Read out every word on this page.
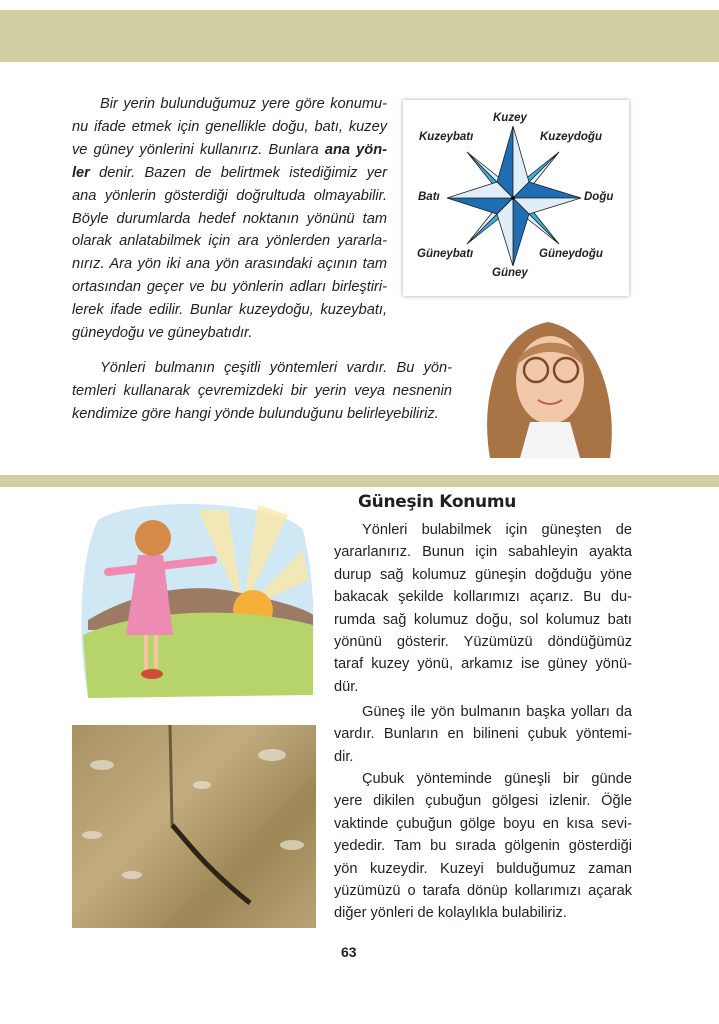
Bir yerin bulunduğumuz yere göre konumu-
nu ifade etmek için genellikle doğu, batı, kuzey
ve güney yönlerini kullanırız. Bunlara ana yön-
ler denir. Bazen de belirtmek istediğimiz yer
ana yönlerin gösterdiği doğrultuda olmayabilir.
Böyle durumlarda hedef noktanın yönünü tam
olarak anlatabilmek için ara yönlerden yararla-
nırız. Ara yön iki ana yön arasındaki açının tam
ortasından geçer ve bu yönlerin adları birleştiri-
lerek ifade edilir. Bunlar kuzeydoğu, kuzeybatı,
güneydoğu ve güneybatıdır.
Kuzey
Kuzeybatı	Kuzeydoğu
Batı	Doğu
Güneybatı	Güneydoğu
Güney
Yönleri bulmanın çeşitli yöntemleri vardır. Bu yön-
temleri kullanarak çevremizdeki bir yerin veya nesnenin
kendimize göre hangi yönde bulunduğunu belirleyebiliriz.
Güneşin Konumu
Yönleri bulabilmek için güneşten de
yararlanırız. Bunun için sabahleyin ayakta
durup sağ kolumuz güneşin doğduğu yöne
bakacak şekilde kollarımızı açarız. Bu du-
rumda sağ kolumuz doğu, sol kolumuz batı
yönünü gösterir. Yüzümüzü döndüğümüz
taraf kuzey yönü, arkamız ise güney yönü-
dür.
Güneş ile yön bulmanın başka yolları da
vardır. Bunların en bilineni çubuk yöntemi-
dir.
Çubuk yönteminde güneşli bir günde
yere dikilen çubuğun gölgesi izlenir. Öğle
vaktinde çubuğun gölge boyu en kısa sevi-
yededir. Tam bu sırada gölgenin gösterdiği
yön kuzeydir. Kuzeyi bulduğumuz zaman
yüzümüzü o tarafa dönüp kollarımızı açarak
diğer yönleri de kolaylıkla bulabiliriz.
63
